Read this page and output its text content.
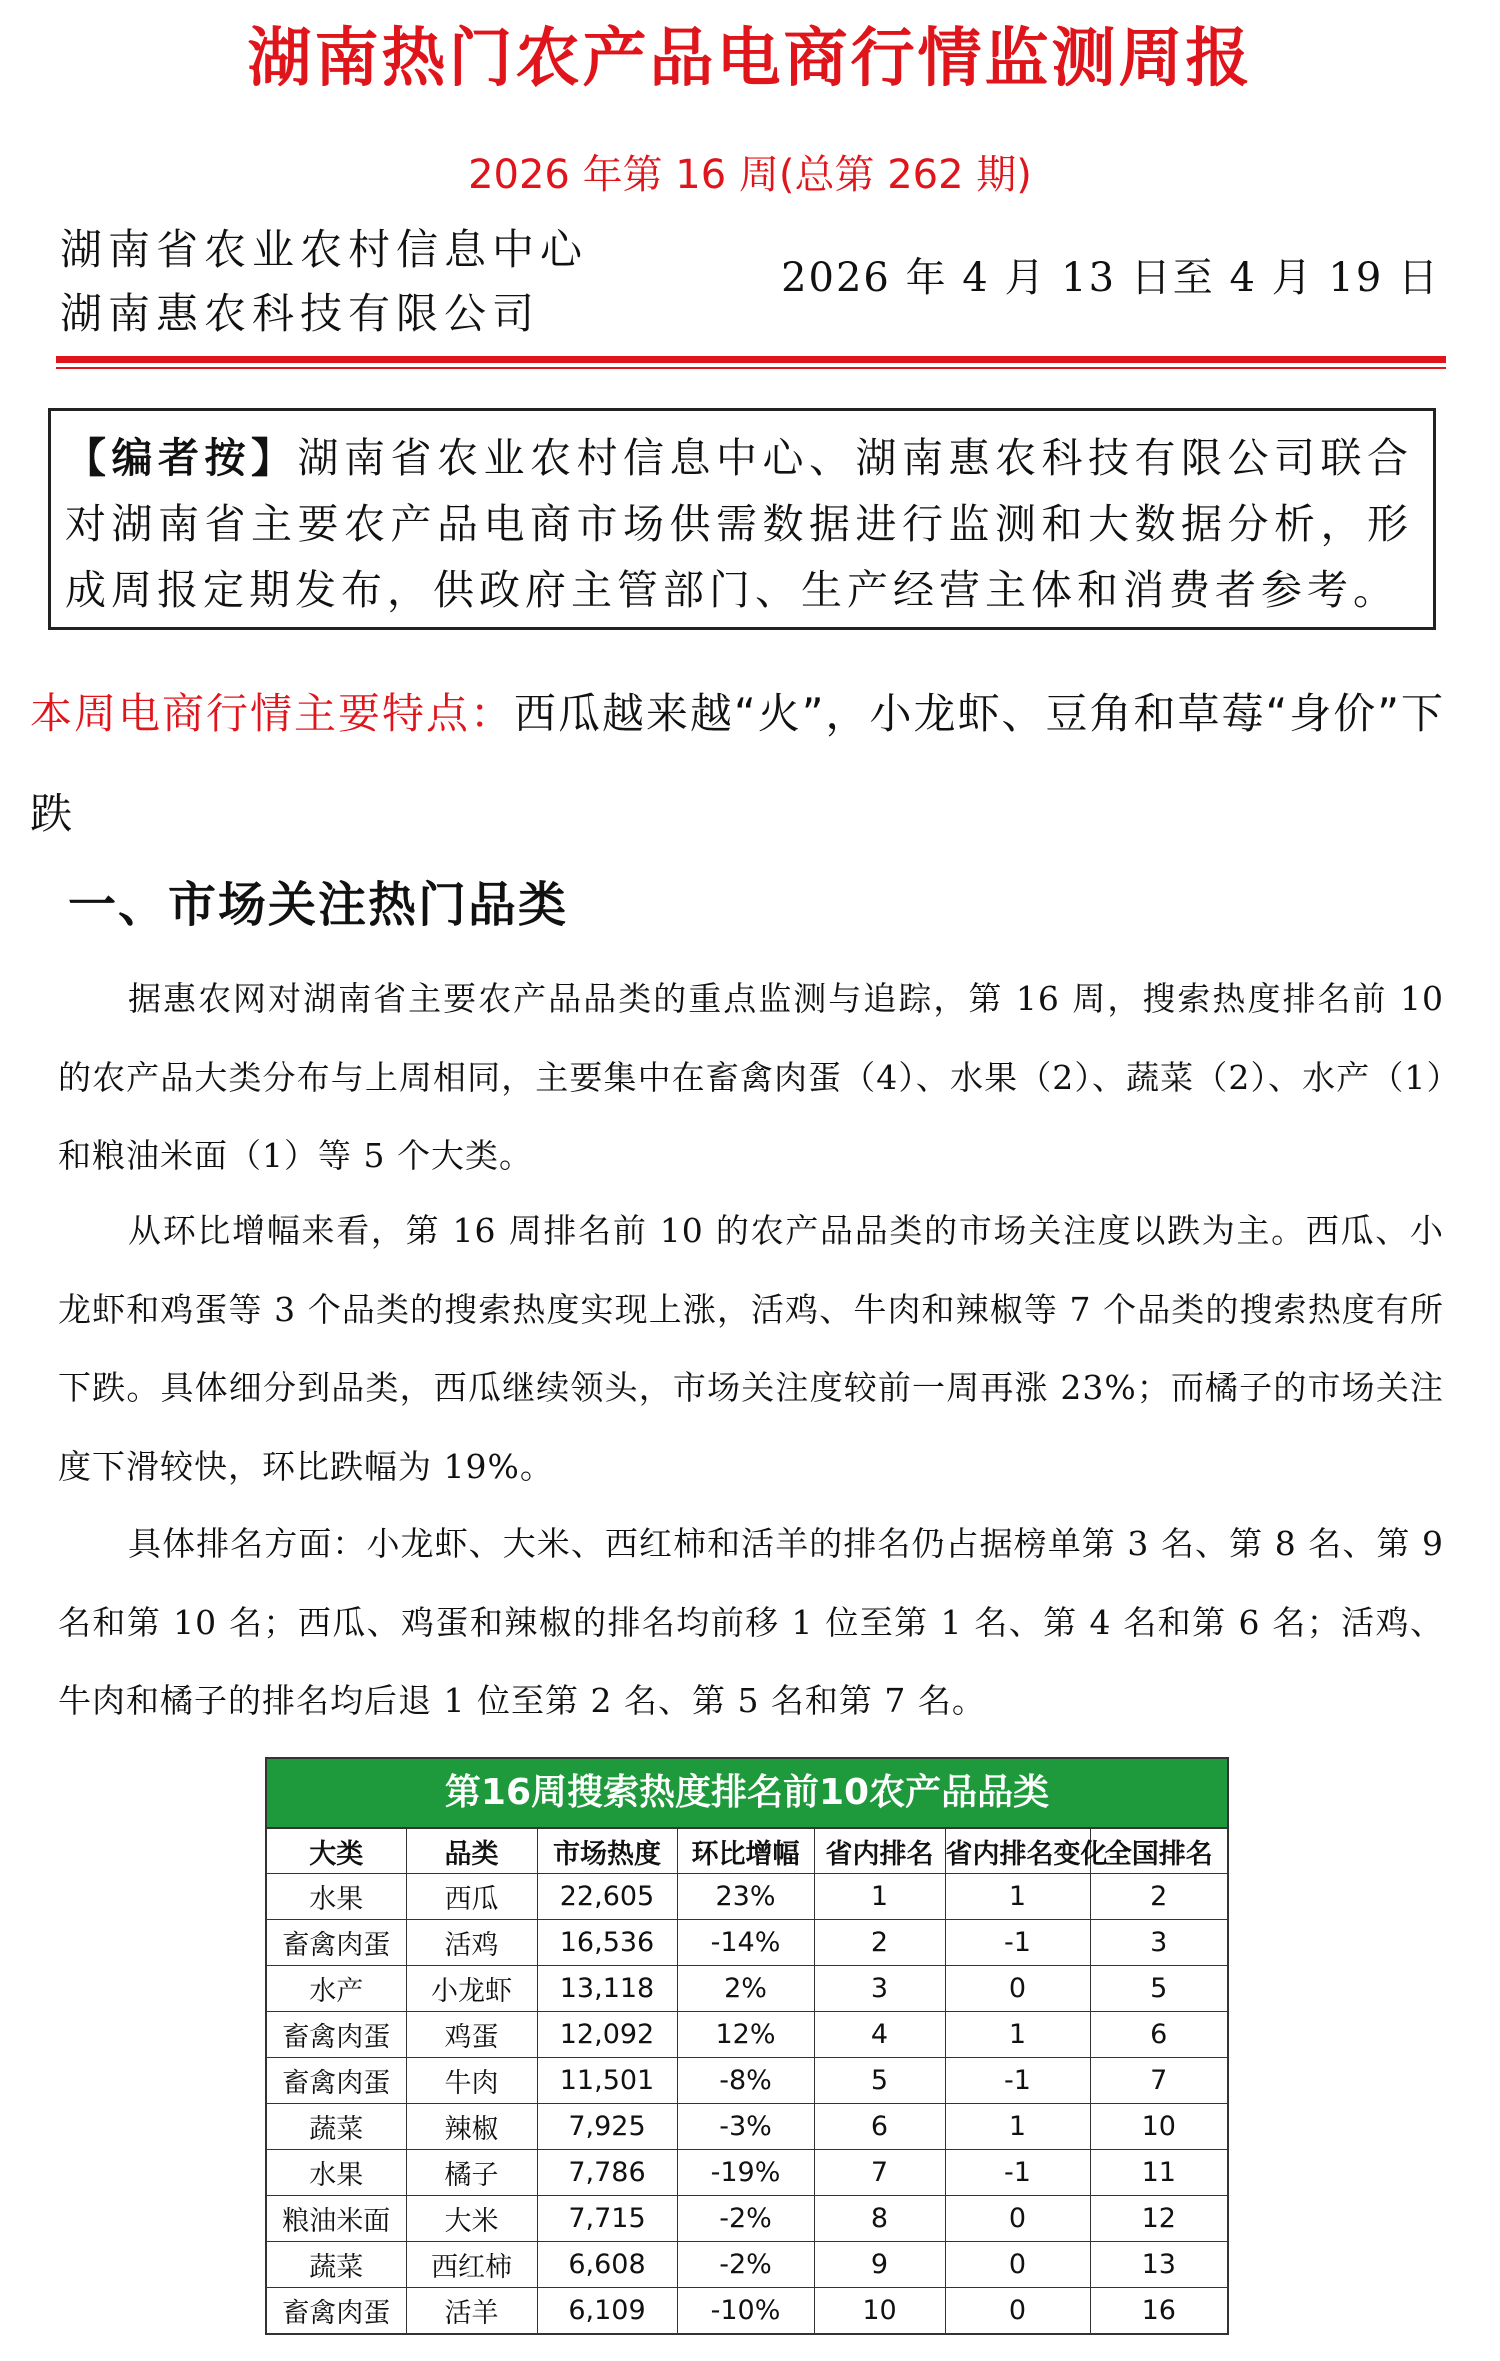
湖南热门农产品电商行情监测周报
2026 年第 16 周(总第 262 期)
湖南省农业农村信息中心
湖南惠农科技有限公司
2026 年 4 月 13 日至 4 月 19 日
【编者按】湖南省农业农村信息中心、湖南惠农科技有限公司联合对湖南省主要农产品电商市场供需数据进行监测和大数据分析，形成周报定期发布，供政府主管部门、生产经营主体和消费者参考。
本周电商行情主要特点：西瓜越来越“火”，小龙虾、豆角和草莓“身价”下跌
一、市场关注热门品类
据惠农网对湖南省主要农产品品类的重点监测与追踪，第 16 周，搜索热度排名前 10 的农产品大类分布与上周相同，主要集中在畜禽肉蛋（4）、水果（2）、蔬菜（2）、水产（1）和粮油米面（1）等 5 个大类。
从环比增幅来看，第 16 周排名前 10 的农产品品类的市场关注度以跌为主。西瓜、小龙虾和鸡蛋等 3 个品类的搜索热度实现上涨，活鸡、牛肉和辣椒等 7 个品类的搜索热度有所下跌。具体细分到品类，西瓜继续领头，市场关注度较前一周再涨 23%；而橘子的市场关注度下滑较快，环比跌幅为 19%。
具体排名方面：小龙虾、大米、西红柿和活羊的排名仍占据榜单第 3 名、第 8 名、第 9 名和第 10 名；西瓜、鸡蛋和辣椒的排名均前移 1 位至第 1 名、第 4 名和第 6 名；活鸡、牛肉和橘子的排名均后退 1 位至第 2 名、第 5 名和第 7 名。
第16周搜索热度排名前10农产品品类
大类	品类	市场热度	环比增幅	省内排名	省内排名变化	全国排名
水果	西瓜	22,605	23%	1	1	2
畜禽肉蛋	活鸡	16,536	-14%	2	-1	3
水产	小龙虾	13,118	2%	3	0	5
畜禽肉蛋	鸡蛋	12,092	12%	4	1	6
畜禽肉蛋	牛肉	11,501	-8%	5	-1	7
蔬菜	辣椒	7,925	-3%	6	1	10
水果	橘子	7,786	-19%	7	-1	11
粮油米面	大米	7,715	-2%	8	0	12
蔬菜	西红柿	6,608	-2%	9	0	13
畜禽肉蛋	活羊	6,109	-10%	10	0	16
